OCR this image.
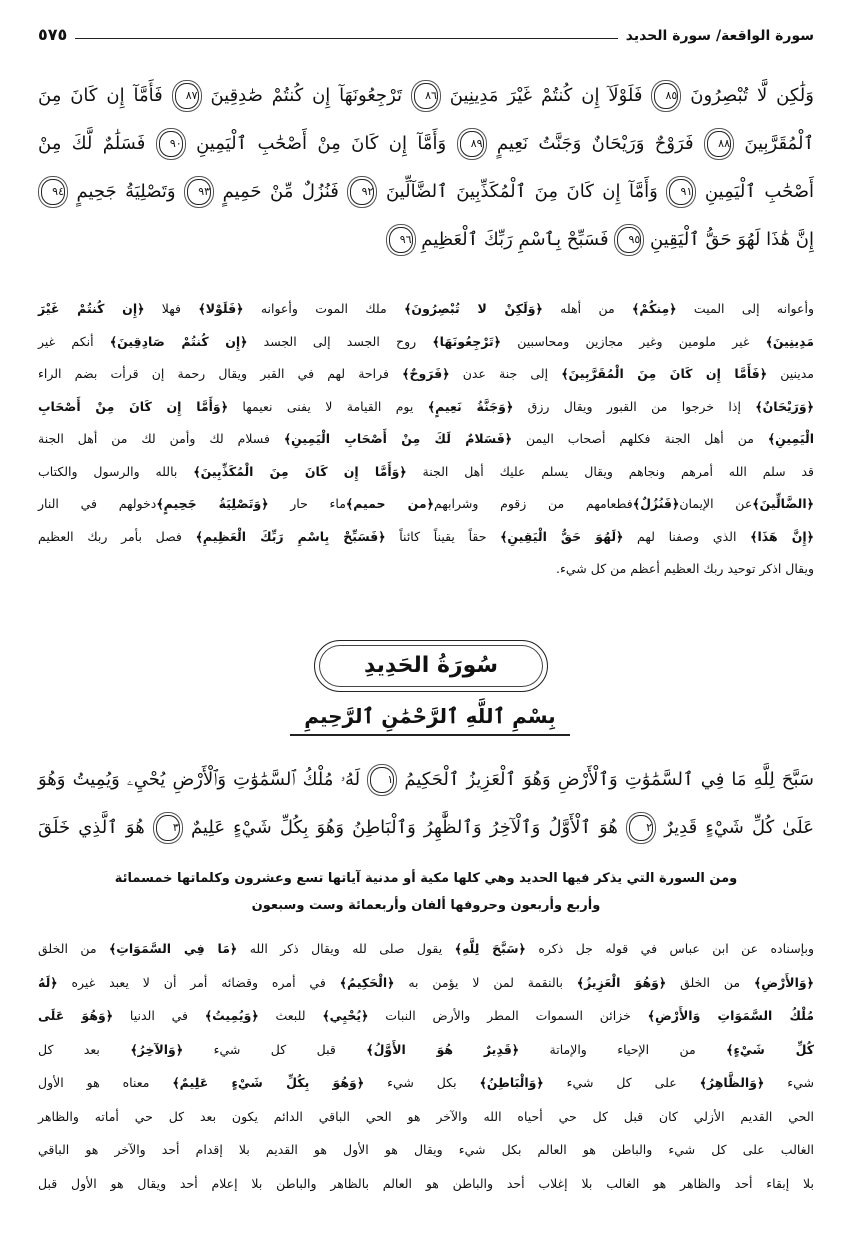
سورة الواقعة/ سورة الحديد
٥٧٥
وَلَٰكِن لَّا تُبْصِرُونَ ٨٥ فَلَوْلَآ إِن كُنتُمْ غَيْرَ مَدِينِينَ ٨٦ تَرْجِعُونَهَآ إِن كُنتُمْ صَٰدِقِينَ ٨٧ فَأَمَّآ إِن كَانَ مِنَ
ٱلْمُقَرَّبِينَ ٨٨ فَرَوْحٌ وَرَيْحَانٌ وَجَنَّتُ نَعِيمٍ ٨٩ وَأَمَّآ إِن كَانَ مِنْ أَصْحَٰبِ ٱلْيَمِينِ ٩٠ فَسَلَٰمٌ لَّكَ مِنْ
أَصْحَٰبِ ٱلْيَمِينِ ٩١ وَأَمَّآ إِن كَانَ مِنَ ٱلْمُكَذِّبِينَ ٱلضَّآلِّينَ ٩٢ فَنُزُلٌ مِّنْ حَمِيمٍ ٩٣ وَتَصْلِيَةُ جَحِيمٍ ٩٤
إِنَّ هَٰذَا لَهُوَ حَقُّ ٱلْيَقِينِ ٩٥ فَسَبِّحْ بِٱسْمِ رَبِّكَ ٱلْعَظِيمِ ٩٦
وأعوانه إلى الميت ﴿مِنكُمْ﴾ من أهله ﴿وَلَكِنْ لا تُبْصِرُونَ﴾ ملك الموت وأعوانه ﴿فَلَوْلا﴾ فهلا ﴿إِن كُنتُمْ غَيْرَ
مَدِينِينَ﴾ غير ملومين وغير مجازين ومحاسبين ﴿تَرْجِعُونَهَا﴾ روح الجسد إلى الجسد ﴿إِن كُنتُمْ صَادِقِينَ﴾ أنكم غير
مدينين ﴿فَأَمَّا إِن كَانَ مِنَ الْمُقَرَّبِينَ﴾ إلى جنة عدن ﴿فَرَوحٌ﴾ فراحة لهم في القبر ويقال رحمة إن قرأت بضم الراء
﴿وَرَيْحَانٌ﴾ إذا خرجوا من القبور ويقال رزق ﴿وَجَنَّةُ نَعِيمٍ﴾ يوم القيامة لا يفنى نعيمها ﴿وَأَمَّا إِن كَانَ مِنْ أَصْحَابِ
الْيَمِينِ﴾ من أهل الجنة فكلهم أصحاب اليمن ﴿فَسَلامٌ لَكَ مِنْ أَصْحَابِ الْيَمِينِ﴾ فسلام لك وأمن لك من أهل الجنة
قد سلم الله أمرهم ونجاهم ويقال يسلم عليك أهل الجنة ﴿وَأَمَّا إِن كَانَ مِنَ الْمُكَذِّبِينَ﴾ بالله والرسول والكتاب
﴿الضَّالِّينَ﴾عن الإيمان﴿فَنُزُلٌ﴾فطعامهم من زقوم وشرابهم﴿من حميم﴾ماء حار ﴿وَتَصْلِيَةُ جَحِيمٍ﴾دخولهم في النار
﴿إِنَّ هَذَا﴾ الذي وصفنا لهم ﴿لَهُوَ حَقُّ الْيَقِينِ﴾ حقاً يقيناً كائناً ﴿فَسَبِّحْ بِاسْمِ رَبِّكَ الْعَظِيمِ﴾ فصل بأمر ربك العظيم
ويقال اذكر توحيد ربك العظيم أعظم من كل شيء.
سُورَةُ الحَدِيدِ
بِسْمِ ٱللَّهِ ٱلرَّحْمَٰنِ ٱلرَّحِيمِ
سَبَّحَ لِلَّهِ مَا فِي ٱلسَّمَٰوَٰتِ وَٱلْأَرْضِ وَهُوَ ٱلْعَزِيزُ ٱلْحَكِيمُ ١ لَهُۥ مُلْكُ ٱلسَّمَٰوَٰتِ وَٱلْأَرْضِ يُحْيِۦ وَيُمِيتُ وَهُوَ
عَلَىٰ كُلِّ شَيْءٍ قَدِيرٌ ٢ هُوَ ٱلْأَوَّلُ وَٱلْآخِرُ وَٱلظَّٰهِرُ وَٱلْبَاطِنُ وَهُوَ بِكُلِّ شَيْءٍ عَلِيمٌ ٣ هُوَ ٱلَّذِي خَلَقَ
ومن السورة التي يذكر فيها الحديد وهي كلها مكية أو مدنية آياتها تسع وعشرون وكلماتها خمسمائة
وأربع وأربعون وحروفها ألفان وأربعمائة وست وسبعون
وبإسناده عن ابن عباس في قوله جل ذكره ﴿سَبَّحَ لِلَّهِ﴾ يقول صلى لله ويقال ذكر الله ﴿مَا فِي السَّمَوَاتِ﴾ من الخلق
﴿وَالأَرْضِ﴾ من الخلق ﴿وَهُوَ الْعَزِيزُ﴾ بالنقمة لمن لا يؤمن به ﴿الْحَكِيمُ﴾ في أمره وقضائه أمر أن لا يعبد غيره ﴿لَهُ
مُلْكُ السَّمَوَاتِ وَالأَرْضِ﴾ خزائن السموات المطر والأرض النبات ﴿يُحْيِي﴾ للبعث ﴿وَيُمِيتُ﴾ في الدنيا ﴿وَهُوَ عَلَى
كُلِّ شَيْءٍ﴾ من الإحياء والإماتة ﴿قَدِيرٌ هُوَ الأَوَّلُ﴾ قبل كل شيء ﴿وَالآخِرُ﴾ بعد كل
شيء ﴿وَالظَّاهِرُ﴾ على كل شيء ﴿وَالْبَاطِنُ﴾ بكل شيء ﴿وَهُوَ بِكُلِّ شَيْءٍ عَلِيمٌ﴾ معناه هو الأول
الحي القديم الأزلي كان قبل كل حي أحياه الله والآخر هو الحي الباقي الدائم يكون بعد كل حي أماته والظاهر
الغالب على كل شيء والباطن هو العالم بكل شيء ويقال هو الأول هو القديم بلا إقدام أحد والآخر هو الباقي
بلا إبقاء أحد والظاهر هو الغالب بلا إغلاب أحد والباطن هو العالم بالظاهر والباطن بلا إعلام أحد ويقال هو الأول قبل
